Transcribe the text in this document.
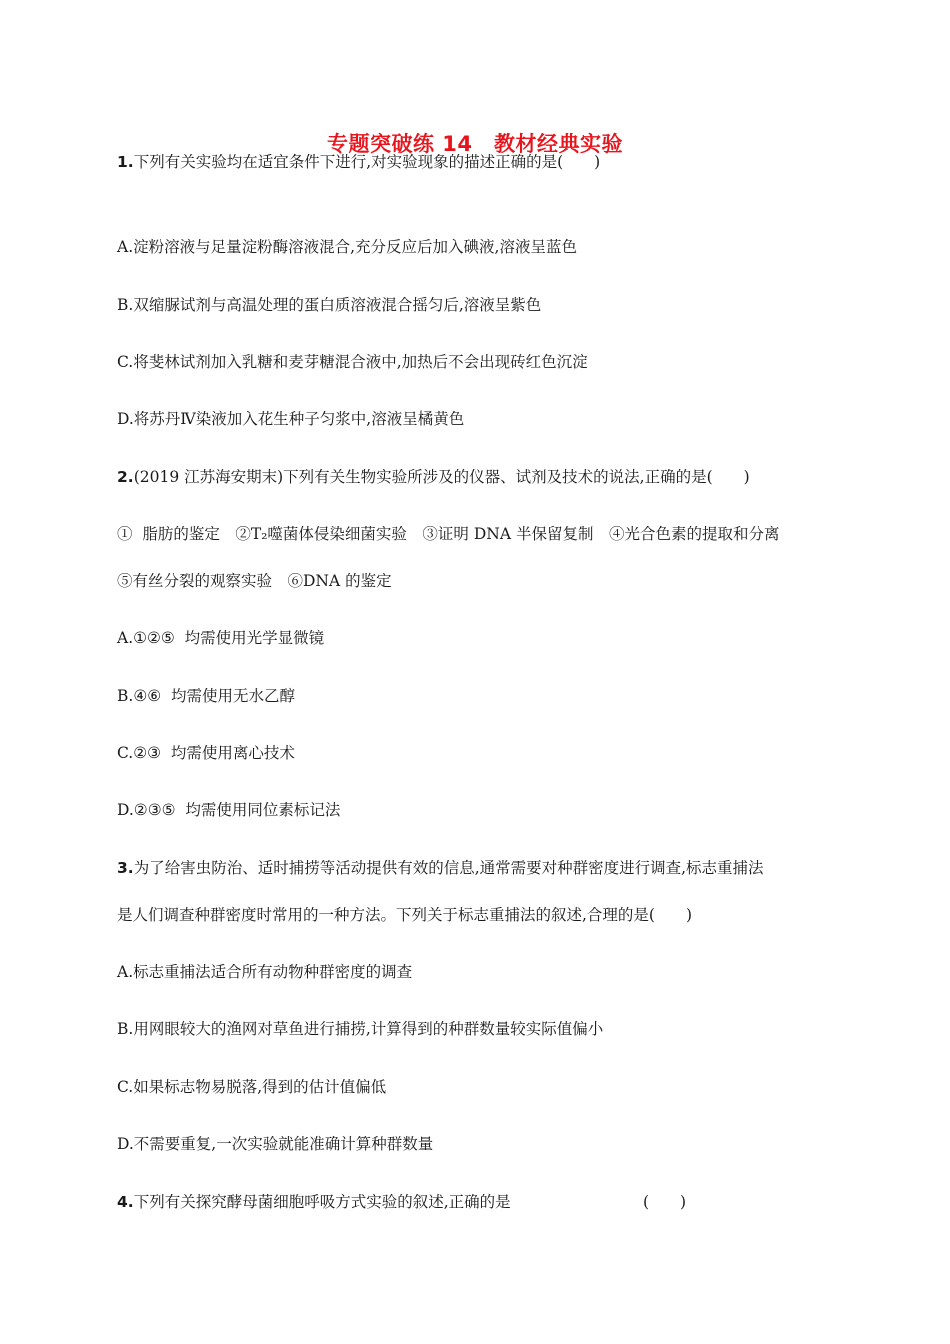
专题突破练 14　教材经典实验
1.下列有关实验均在适宜条件下进行,对实验现象的描述正确的是(　　)
A.淀粉溶液与足量淀粉酶溶液混合,充分反应后加入碘液,溶液呈蓝色
B.双缩脲试剂与高温处理的蛋白质溶液混合摇匀后,溶液呈紫色
C.将斐林试剂加入乳糖和麦芽糖混合液中,加热后不会出现砖红色沉淀
D.将苏丹Ⅳ染液加入花生种子匀浆中,溶液呈橘黄色
2.(2019 江苏海安期末)下列有关生物实验所涉及的仪器、试剂及技术的说法,正确的是(　　)
①  脂肪的鉴定　②T₂噬菌体侵染细菌实验　③证明 DNA 半保留复制　④光合色素的提取和分离
⑤有丝分裂的观察实验　⑥DNA 的鉴定
A.①②⑤  均需使用光学显微镜
B.④⑥  均需使用无水乙醇
C.②③  均需使用离心技术
D.②③⑤  均需使用同位素标记法
3.为了给害虫防治、适时捕捞等活动提供有效的信息,通常需要对种群密度进行调查,标志重捕法
是人们调查种群密度时常用的一种方法。下列关于标志重捕法的叙述,合理的是(　　)
A.标志重捕法适合所有动物种群密度的调查
B.用网眼较大的渔网对草鱼进行捕捞,计算得到的种群数量较实际值偏小
C.如果标志物易脱落,得到的估计值偏低
D.不需要重复,一次实验就能准确计算种群数量
4.下列有关探究酵母菌细胞呼吸方式实验的叙述,正确的是	(　　)
